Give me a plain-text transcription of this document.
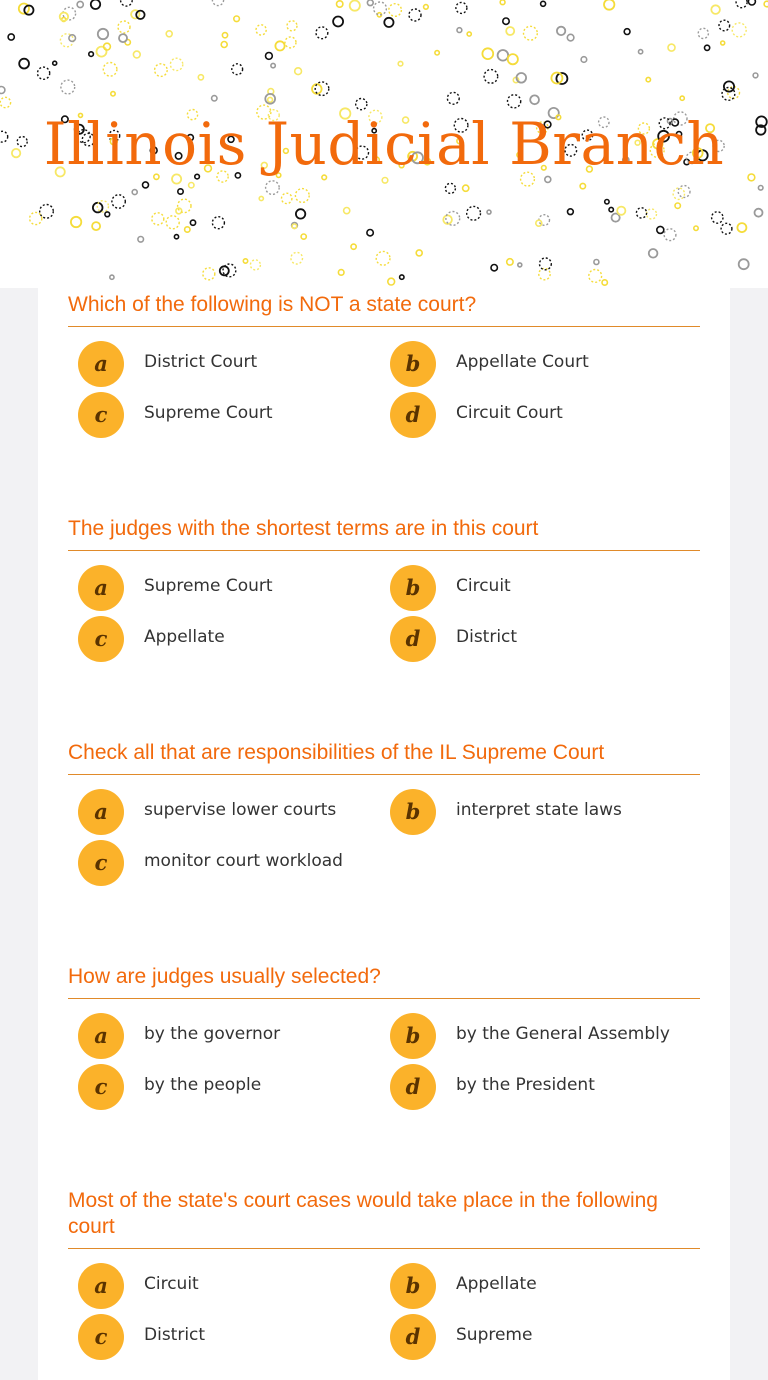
Illinois Judicial Branch
Which of the following is NOT a state court?
a	District Court	b	Appellate Court
c	Supreme Court	d	Circuit Court
The judges with the shortest terms are in this court
a	Supreme Court	b	Circuit
c	Appellate	d	District
Check all that are responsibilities of the IL Supreme Court
a	supervise lower courts	b	interpret state laws
c	monitor court workload
How are judges usually selected?
a	by the governor	b	by the General Assembly
c	by the people	d	by the President
Most of the state's court cases would take place in the following court
a	Circuit	b	Appellate
c	District	d	Supreme
